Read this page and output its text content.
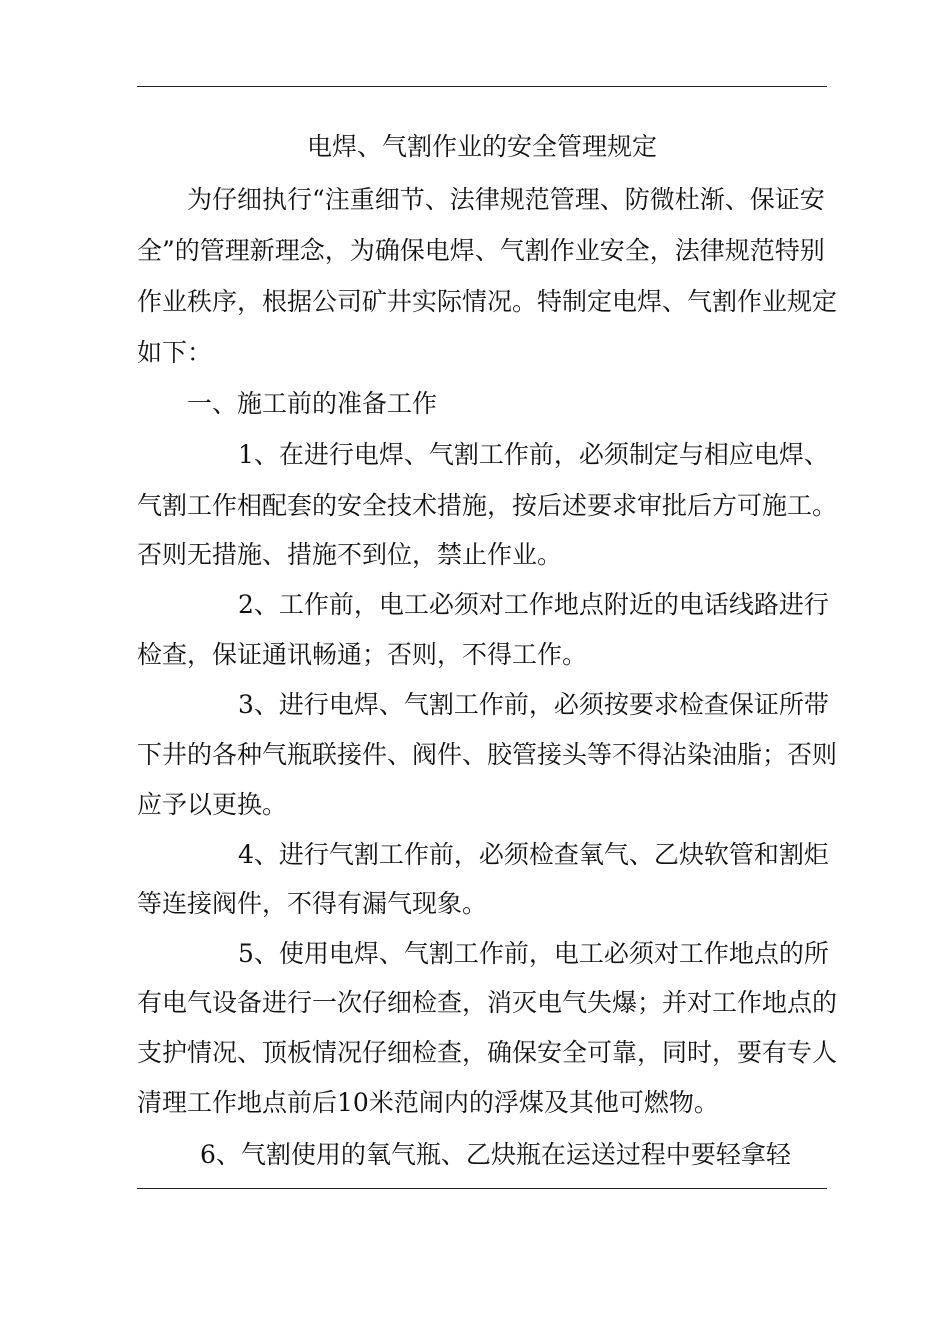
电焊、气割作业的安全管理规定
为仔细执行“注重细节、法律规范管理、防微杜渐、保证安
全”的管理新理念，为确保电焊、气割作业安全，法律规范特别
作业秩序，根据公司矿井实际情况。特制定电焊、气割作业规定
如下：
一、施工前的准备工作
1、在进行电焊、气割工作前，必须制定与相应电焊、
气割工作相配套的安全技术措施，按后述要求审批后方可施工。
否则无措施、措施不到位，禁止作业。
2、工作前，电工必须对工作地点附近的电话线路进行
检查，保证通讯畅通；否则，不得工作。
3、进行电焊、气割工作前，必须按要求检查保证所带
下井的各种气瓶联接件、阀件、胶管接头等不得沾染油脂；否则
应予以更换。
4、进行气割工作前，必须检查氧气、乙炔软管和割炬
等连接阀件，不得有漏气现象。
5、使用电焊、气割工作前，电工必须对工作地点的所
有电气设备进行一次仔细检查，消灭电气失爆；并对工作地点的
支护情况、顶板情况仔细检查，确保安全可靠，同时，要有专人
清理工作地点前后10米范闹内的浮煤及其他可燃物。
6、气割使用的氧气瓶、乙炔瓶在运送过程中要轻拿轻
